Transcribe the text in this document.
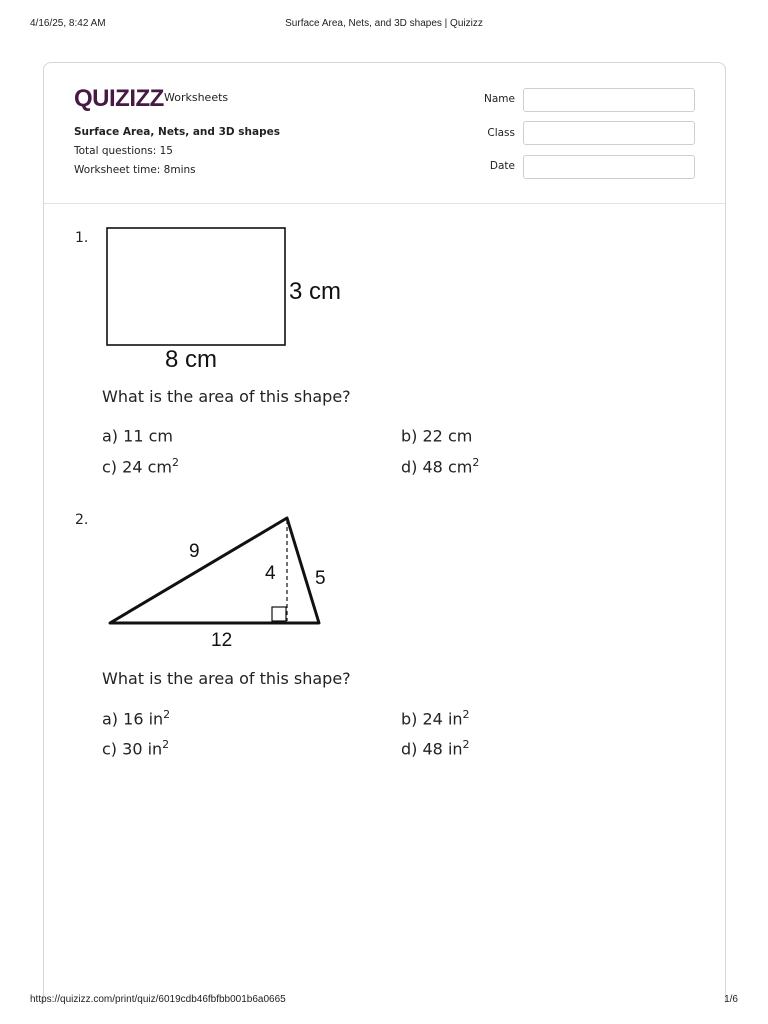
4/16/25, 8:42 AM	Surface Area, Nets, and 3D shapes | Quizizz
QUIZIZZ Worksheets
Surface Area, Nets, and 3D shapes
Total questions: 15
Worksheet time: 8mins
Name
Class
Date
1.
3 cm
8 cm
What is the area of this shape?
a) 11 cm	b) 22 cm
c) 24 $cm^2$	d) 48 $cm^2$
2.
9
4 5
12
What is the area of this shape?
a) 16 $in^2$	b) 24 $in^2$
c) 30 $in^2$	d) 48 $in^2$
https://quizizz.com/print/quiz/6019cdb46fbfbb001b6a0665	1/6
